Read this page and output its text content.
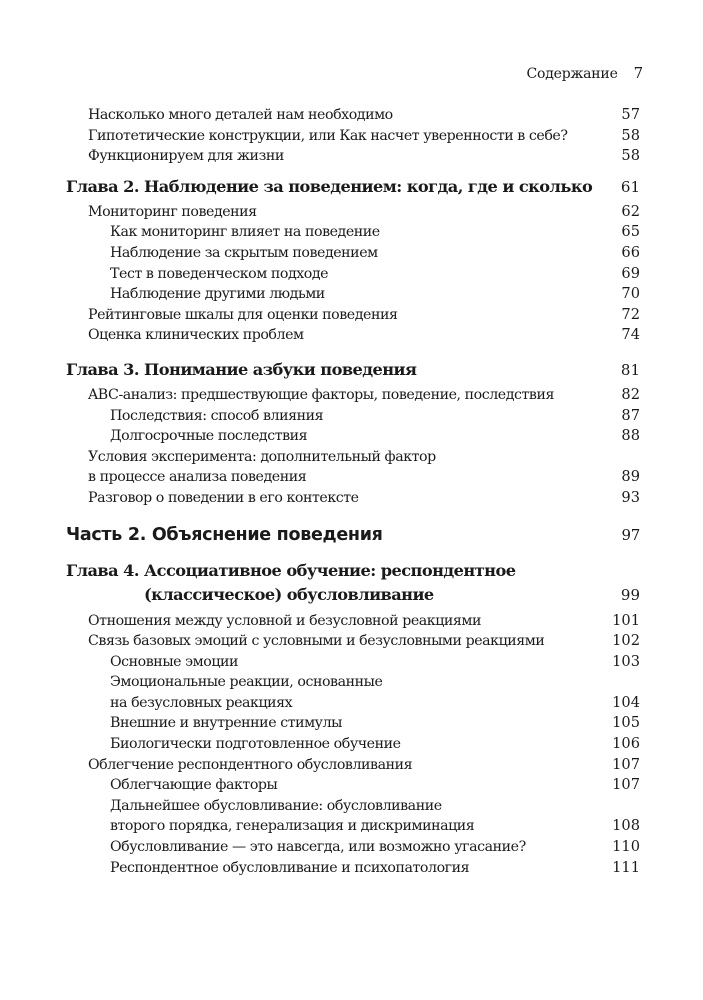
Содержание 7
Насколько много деталей нам необходимо	57
Гипотетические конструкции, или Как насчет уверенности в себе?	58
Функционируем для жизни	58
Глава 2. Наблюдение за поведением: когда, где и сколько	61
Мониторинг поведения	62
Как мониторинг влияет на поведение	65
Наблюдение за скрытым поведением	66
Тест в поведенческом подходе	69
Наблюдение другими людьми	70
Рейтинговые шкалы для оценки поведения	72
Оценка клинических проблем	74
Глава 3. Понимание азбуки поведения	81
ABC-анализ: предшествующие факторы, поведение, последствия	82
Последствия: способ влияния	87
Долгосрочные последствия	88
Условия эксперимента: дополнительный фактор
в процессе анализа поведения	89
Разговор о поведении в его контексте	93
Часть 2. Объяснение поведения	97
Глава 4. Ассоциативное обучение: респондентное
(классическое) обусловливание	99
Отношения между условной и безусловной реакциями	101
Связь базовых эмоций с условными и безусловными реакциями	102
Основные эмоции	103
Эмоциональные реакции, основанные
на безусловных реакциях	104
Внешние и внутренние стимулы	105
Биологически подготовленное обучение	106
Облегчение респондентного обусловливания	107
Облегчающие факторы	107
Дальнейшее обусловливание: обусловливание
второго порядка, генерализация и дискриминация	108
Обусловливание — это навсегда, или возможно угасание?	110
Респондентное обусловливание и психопатология	111
